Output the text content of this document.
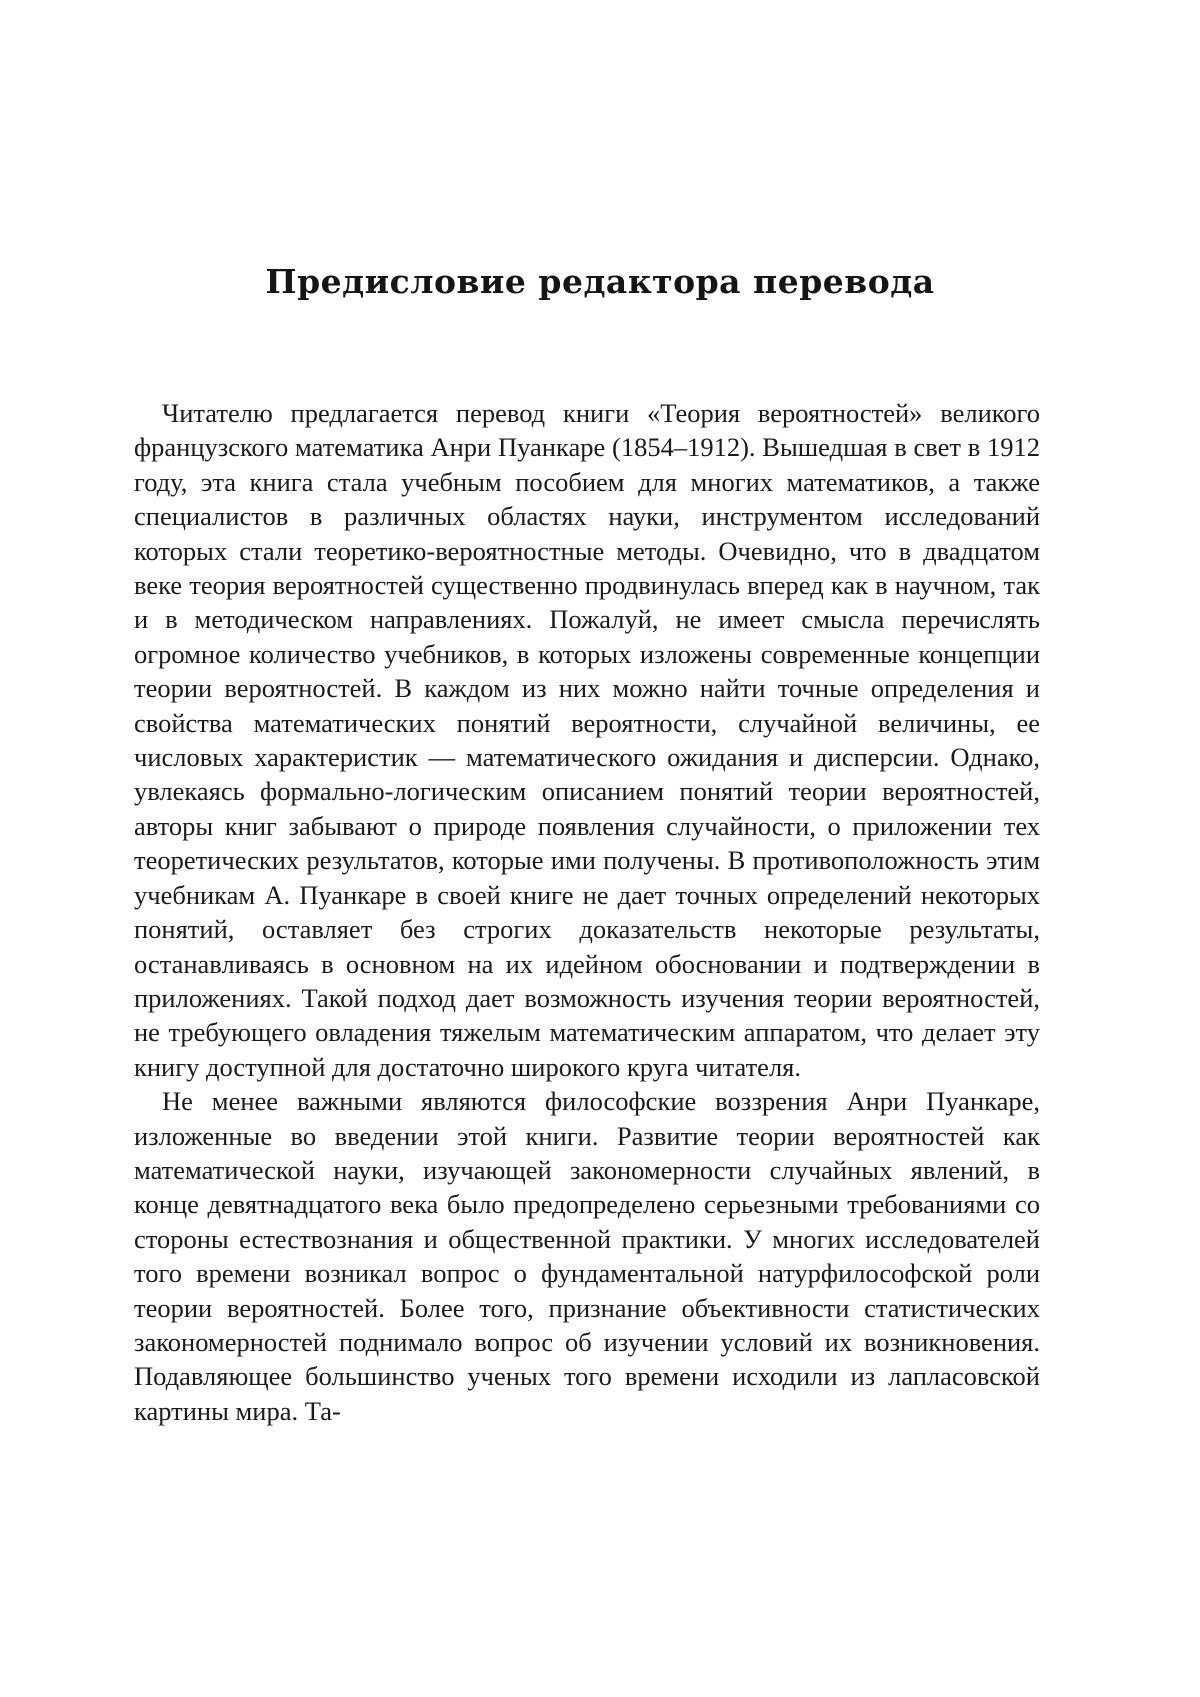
Предисловие редактора перевода

Читателю предлагается перевод книги «Теория вероятностей» великого французского математика Анри Пуанкаре (1854–1912). Вышедшая в свет в 1912 году, эта книга стала учебным пособием для многих математиков, а также специалистов в различных областях науки, инструментом исследований которых стали теоретико-вероятностные методы. Очевидно, что в двадцатом веке теория вероятностей существенно продвинулась вперед как в научном, так и в методическом направлениях. Пожалуй, не имеет смысла перечислять огромное количество учебников, в которых изложены современные концепции теории вероятностей. В каждом из них можно найти точные определения и свойства математических понятий вероятности, случайной величины, ее числовых характеристик — математического ожидания и дисперсии. Однако, увлекаясь формально-логическим описанием понятий теории вероятностей, авторы книг забывают о природе появления случайности, о приложении тех теоретических результатов, которые ими получены. В противоположность этим учебникам А. Пуанкаре в своей книге не дает точных определений некоторых понятий, оставляет без строгих доказательств некоторые результаты, останавливаясь в основном на их идейном обосновании и подтверждении в приложениях. Такой подход дает возможность изучения теории вероятностей, не требующего овладения тяжелым математическим аппаратом, что делает эту книгу доступной для достаточно широкого круга читателя.

Не менее важными являются философские воззрения Анри Пуанкаре, изложенные во введении этой книги. Развитие теории вероятностей как математической науки, изучающей закономерности случайных явлений, в конце девятнадцатого века было предопределено серьезными требованиями со стороны естествознания и общественной практики. У многих исследователей того времени возникал вопрос о фундаментальной натурфилософской роли теории вероятностей. Более того, признание объективности статистических закономерностей поднимало вопрос об изучении условий их возникновения. Подавляющее большинство ученых того времени исходили из лапласовской картины мира. Та-
